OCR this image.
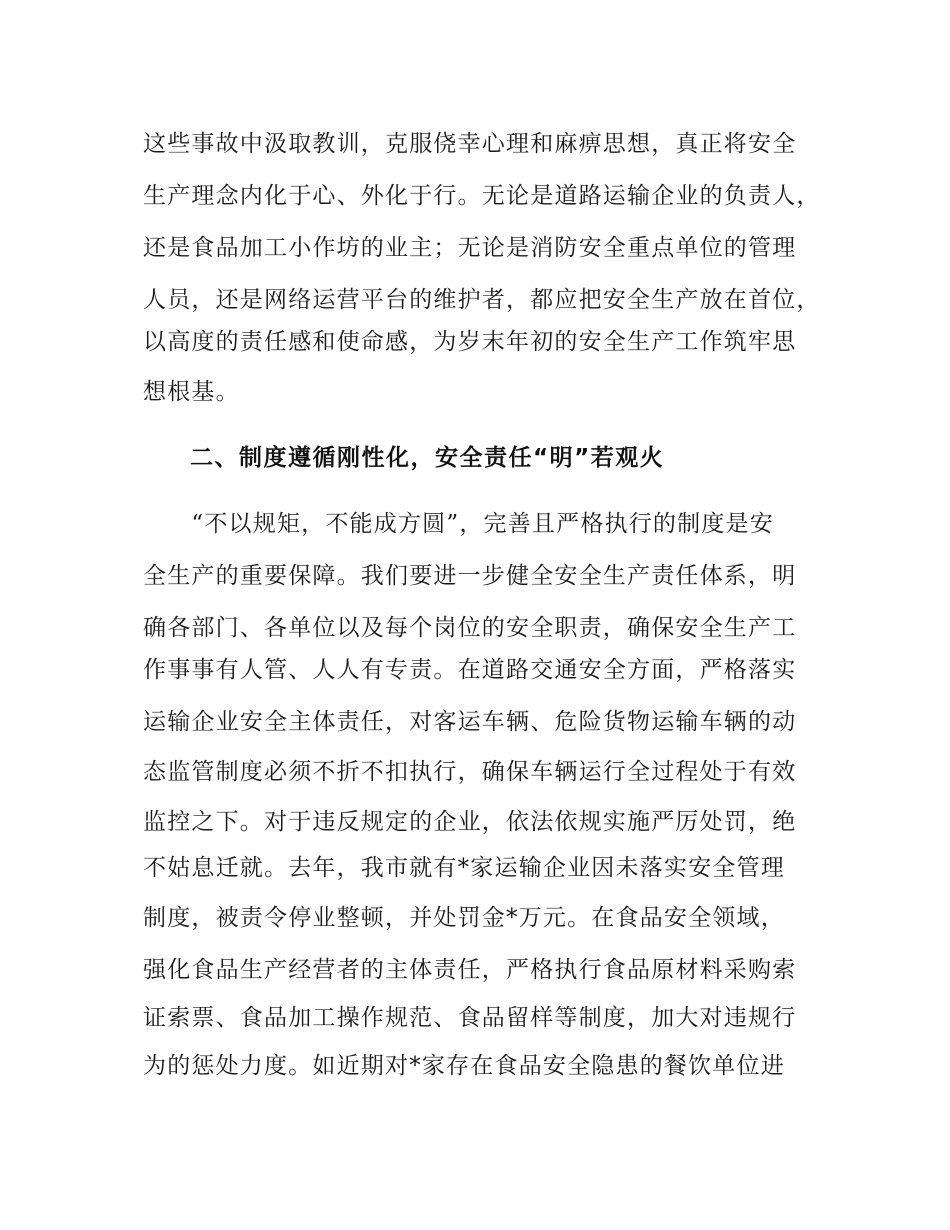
这些事故中汲取教训，克服侥幸心理和麻痹思想，真正将安全
生产理念内化于心、外化于行。无论是道路运输企业的负责人，
还是食品加工小作坊的业主；无论是消防安全重点单位的管理
人员，还是网络运营平台的维护者，都应把安全生产放在首位，
以高度的责任感和使命感，为岁末年初的安全生产工作筑牢思
想根基。
二、制度遵循刚性化，安全责任“明”若观火
　　“不以规矩，不能成方圆”，完善且严格执行的制度是安
全生产的重要保障。我们要进一步健全安全生产责任体系，明
确各部门、各单位以及每个岗位的安全职责，确保安全生产工
作事事有人管、人人有专责。在道路交通安全方面，严格落实
运输企业安全主体责任，对客运车辆、危险货物运输车辆的动
态监管制度必须不折不扣执行，确保车辆运行全过程处于有效
监控之下。对于违反规定的企业，依法依规实施严厉处罚，绝
不姑息迁就。去年，我市就有*家运输企业因未落实安全管理
制度，被责令停业整顿，并处罚金*万元。在食品安全领域，
强化食品生产经营者的主体责任，严格执行食品原材料采购索
证索票、食品加工操作规范、食品留样等制度，加大对违规行
为的惩处力度。如近期对*家存在食品安全隐患的餐饮单位进
